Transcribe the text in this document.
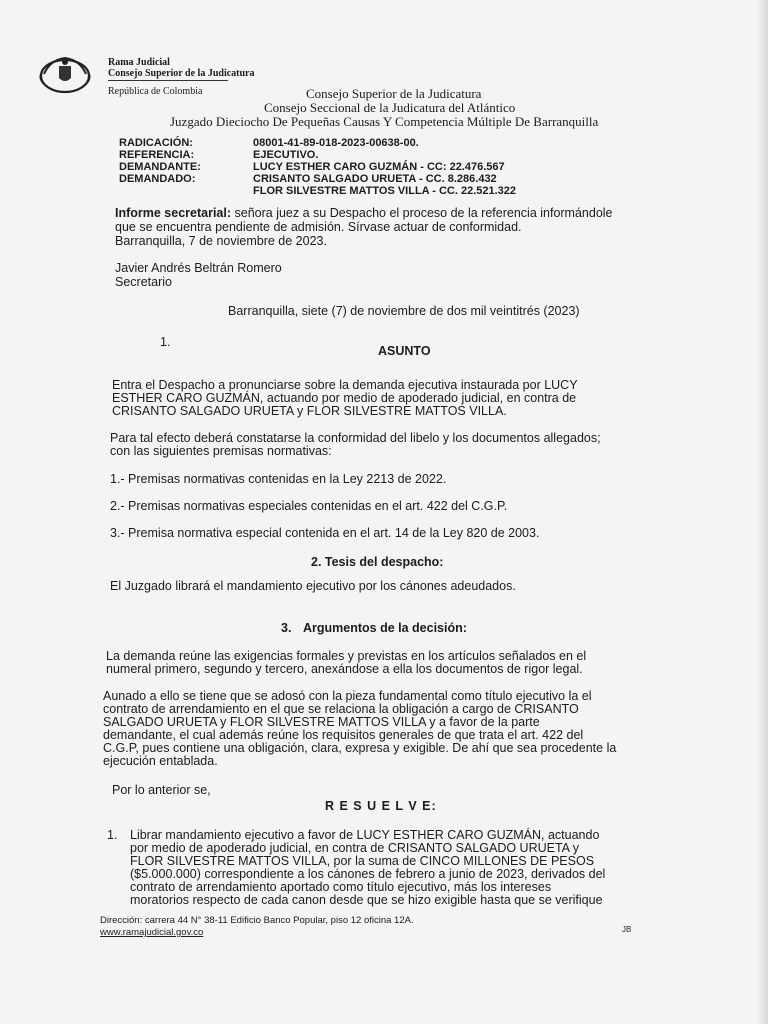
Rama Judicial
Consejo Superior de la Judicatura
República de Colombia	Consejo Superior de la Judicatura
Consejo Seccional de la Judicatura del Atlántico
Juzgado Dieciocho De Pequeñas Causas Y Competencia Múltiple De Barranquilla
RADICACIÓN:	08001-41-89-018-2023-00638-00.
REFERENCIA:	EJECUTIVO.
DEMANDANTE:	LUCY ESTHER CARO GUZMÁN - CC: 22.476.567
DEMANDADO:	CRISANTO SALGADO URUETA - CC. 8.286.432
FLOR SILVESTRE MATTOS VILLA - CC. 22.521.322
Informe secretarial: señora juez a su Despacho el proceso de la referencia informándole
que se encuentra pendiente de admisión. Sírvase actuar de conformidad.
Barranquilla, 7 de noviembre de 2023.
Javier Andrés Beltrán Romero
Secretario
Barranquilla, siete (7) de noviembre de dos mil veintitrés (2023)
1.
ASUNTO
Entra el Despacho a pronunciarse sobre la demanda ejecutiva instaurada por LUCY
ESTHER CARO GUZMÁN, actuando por medio de apoderado judicial, en contra de
CRISANTO SALGADO URUETA y FLOR SILVESTRE MATTOS VILLA.
Para tal efecto deberá constatarse la conformidad del libelo y los documentos allegados;
con las siguientes premisas normativas:
1.- Premisas normativas contenidas en la Ley 2213 de 2022.
2.- Premisas normativas especiales contenidas en el art. 422 del C.G.P.
3.- Premisa normativa especial contenida en el art. 14 de la Ley 820 de 2003.
2. Tesis del despacho:
El Juzgado librará el mandamiento ejecutivo por los cánones adeudados.
3. Argumentos de la decisión:
La demanda reúne las exigencias formales y previstas en los artículos señalados en el
numeral primero, segundo y tercero, anexándose a ella los documentos de rigor legal.
Aunado a ello se tiene que se adosó con la pieza fundamental como título ejecutivo la el
contrato de arrendamiento en el que se relaciona la obligación a cargo de CRISANTO
SALGADO URUETA y FLOR SILVESTRE MATTOS VILLA y a favor de la parte
demandante, el cual además reúne los requisitos generales de que trata el art. 422 del
C.G.P, pues contiene una obligación, clara, expresa y exigible. De ahí que sea procedente la
ejecución entablada.
Por lo anterior se,
R E S U E L V E:
1. Librar mandamiento ejecutivo a favor de LUCY ESTHER CARO GUZMÁN, actuando
por medio de apoderado judicial, en contra de CRISANTO SALGADO URUETA y
FLOR SILVESTRE MATTOS VILLA, por la suma de CINCO MILLONES DE PESOS
($5.000.000) correspondiente a los cánones de febrero a junio de 2023, derivados del
contrato de arrendamiento aportado como título ejecutivo, más los intereses
moratorios respecto de cada canon desde que se hizo exigible hasta que se verifique
Dirección: carrera 44 N° 38-11 Edificio Banco Popular, piso 12 oficina 12A.
www.ramajudicial.gov.co	JB
